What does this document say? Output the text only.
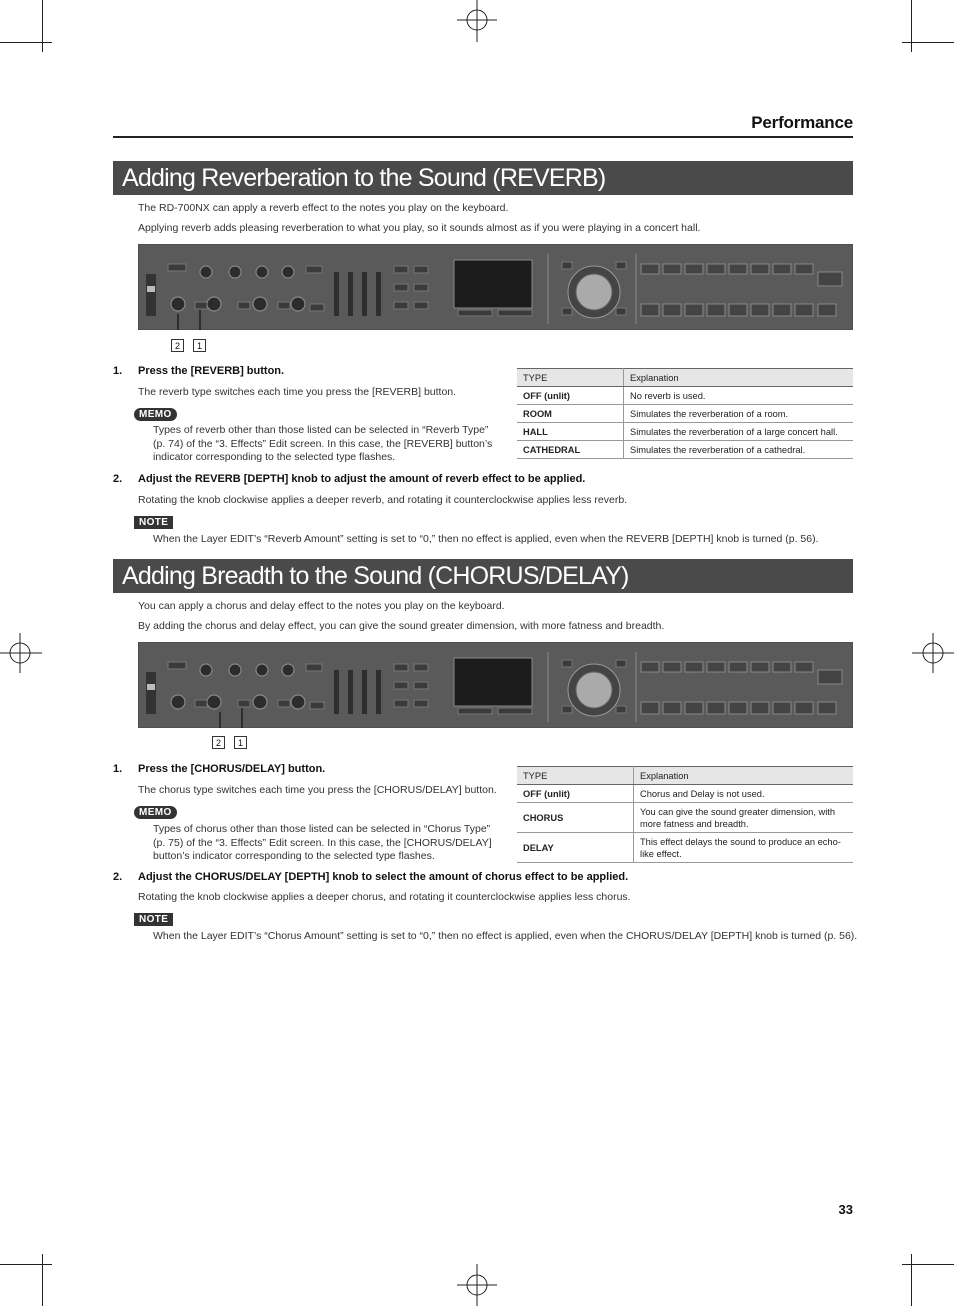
Performance
Adding Reverberation to the Sound (REVERB)
The RD-700NX can apply a reverb effect to the notes you play on the keyboard.
Applying reverb adds pleasing reverberation to what you play, so it sounds almost as if you were playing in a concert hall.
2	1
1. Press the [REVERB] button.
The reverb type switches each time you press the [REVERB] button.
MEMO
Types of reverb other than those listed can be selected in “Reverb Type” (p. 74) of the “3. Effects” Edit screen. In this case, the [REVERB] button’s indicator corresponding to the selected type flashes.
TYPE	Explanation
OFF (unlit)	No reverb is used.
ROOM	Simulates the reverberation of a room.
HALL	Simulates the reverberation of a large concert hall.
CATHEDRAL	Simulates the reverberation of a cathedral.
2. Adjust the REVERB [DEPTH] knob to adjust the amount of reverb effect to be applied.
Rotating the knob clockwise applies a deeper reverb, and rotating it counterclockwise applies less reverb.
NOTE
When the Layer EDIT’s “Reverb Amount” setting is set to “0,” then no effect is applied, even when the REVERB [DEPTH] knob is turned (p. 56).
Adding Breadth to the Sound (CHORUS/DELAY)
You can apply a chorus and delay effect to the notes you play on the keyboard.
By adding the chorus and delay effect, you can give the sound greater dimension, with more fatness and breadth.
2	1
1. Press the [CHORUS/DELAY] button.
The chorus type switches each time you press the [CHORUS/DELAY] button.
MEMO
Types of chorus other than those listed can be selected in “Chorus Type” (p. 75) of the “3. Effects” Edit screen. In this case, the [CHORUS/DELAY] button’s indicator corresponding to the selected type flashes.
TYPE	Explanation
OFF (unlit)	Chorus and Delay is not used.
CHORUS	You can give the sound greater dimension, with more fatness and breadth.
DELAY	This effect delays the sound to produce an echo-like effect.
2. Adjust the CHORUS/DELAY [DEPTH] knob to select the amount of chorus effect to be applied.
Rotating the knob clockwise applies a deeper chorus, and rotating it counterclockwise applies less chorus.
NOTE
When the Layer EDIT’s “Chorus Amount” setting is set to “0,” then no effect is applied, even when the CHORUS/DELAY [DEPTH] knob is turned (p. 56).
33
